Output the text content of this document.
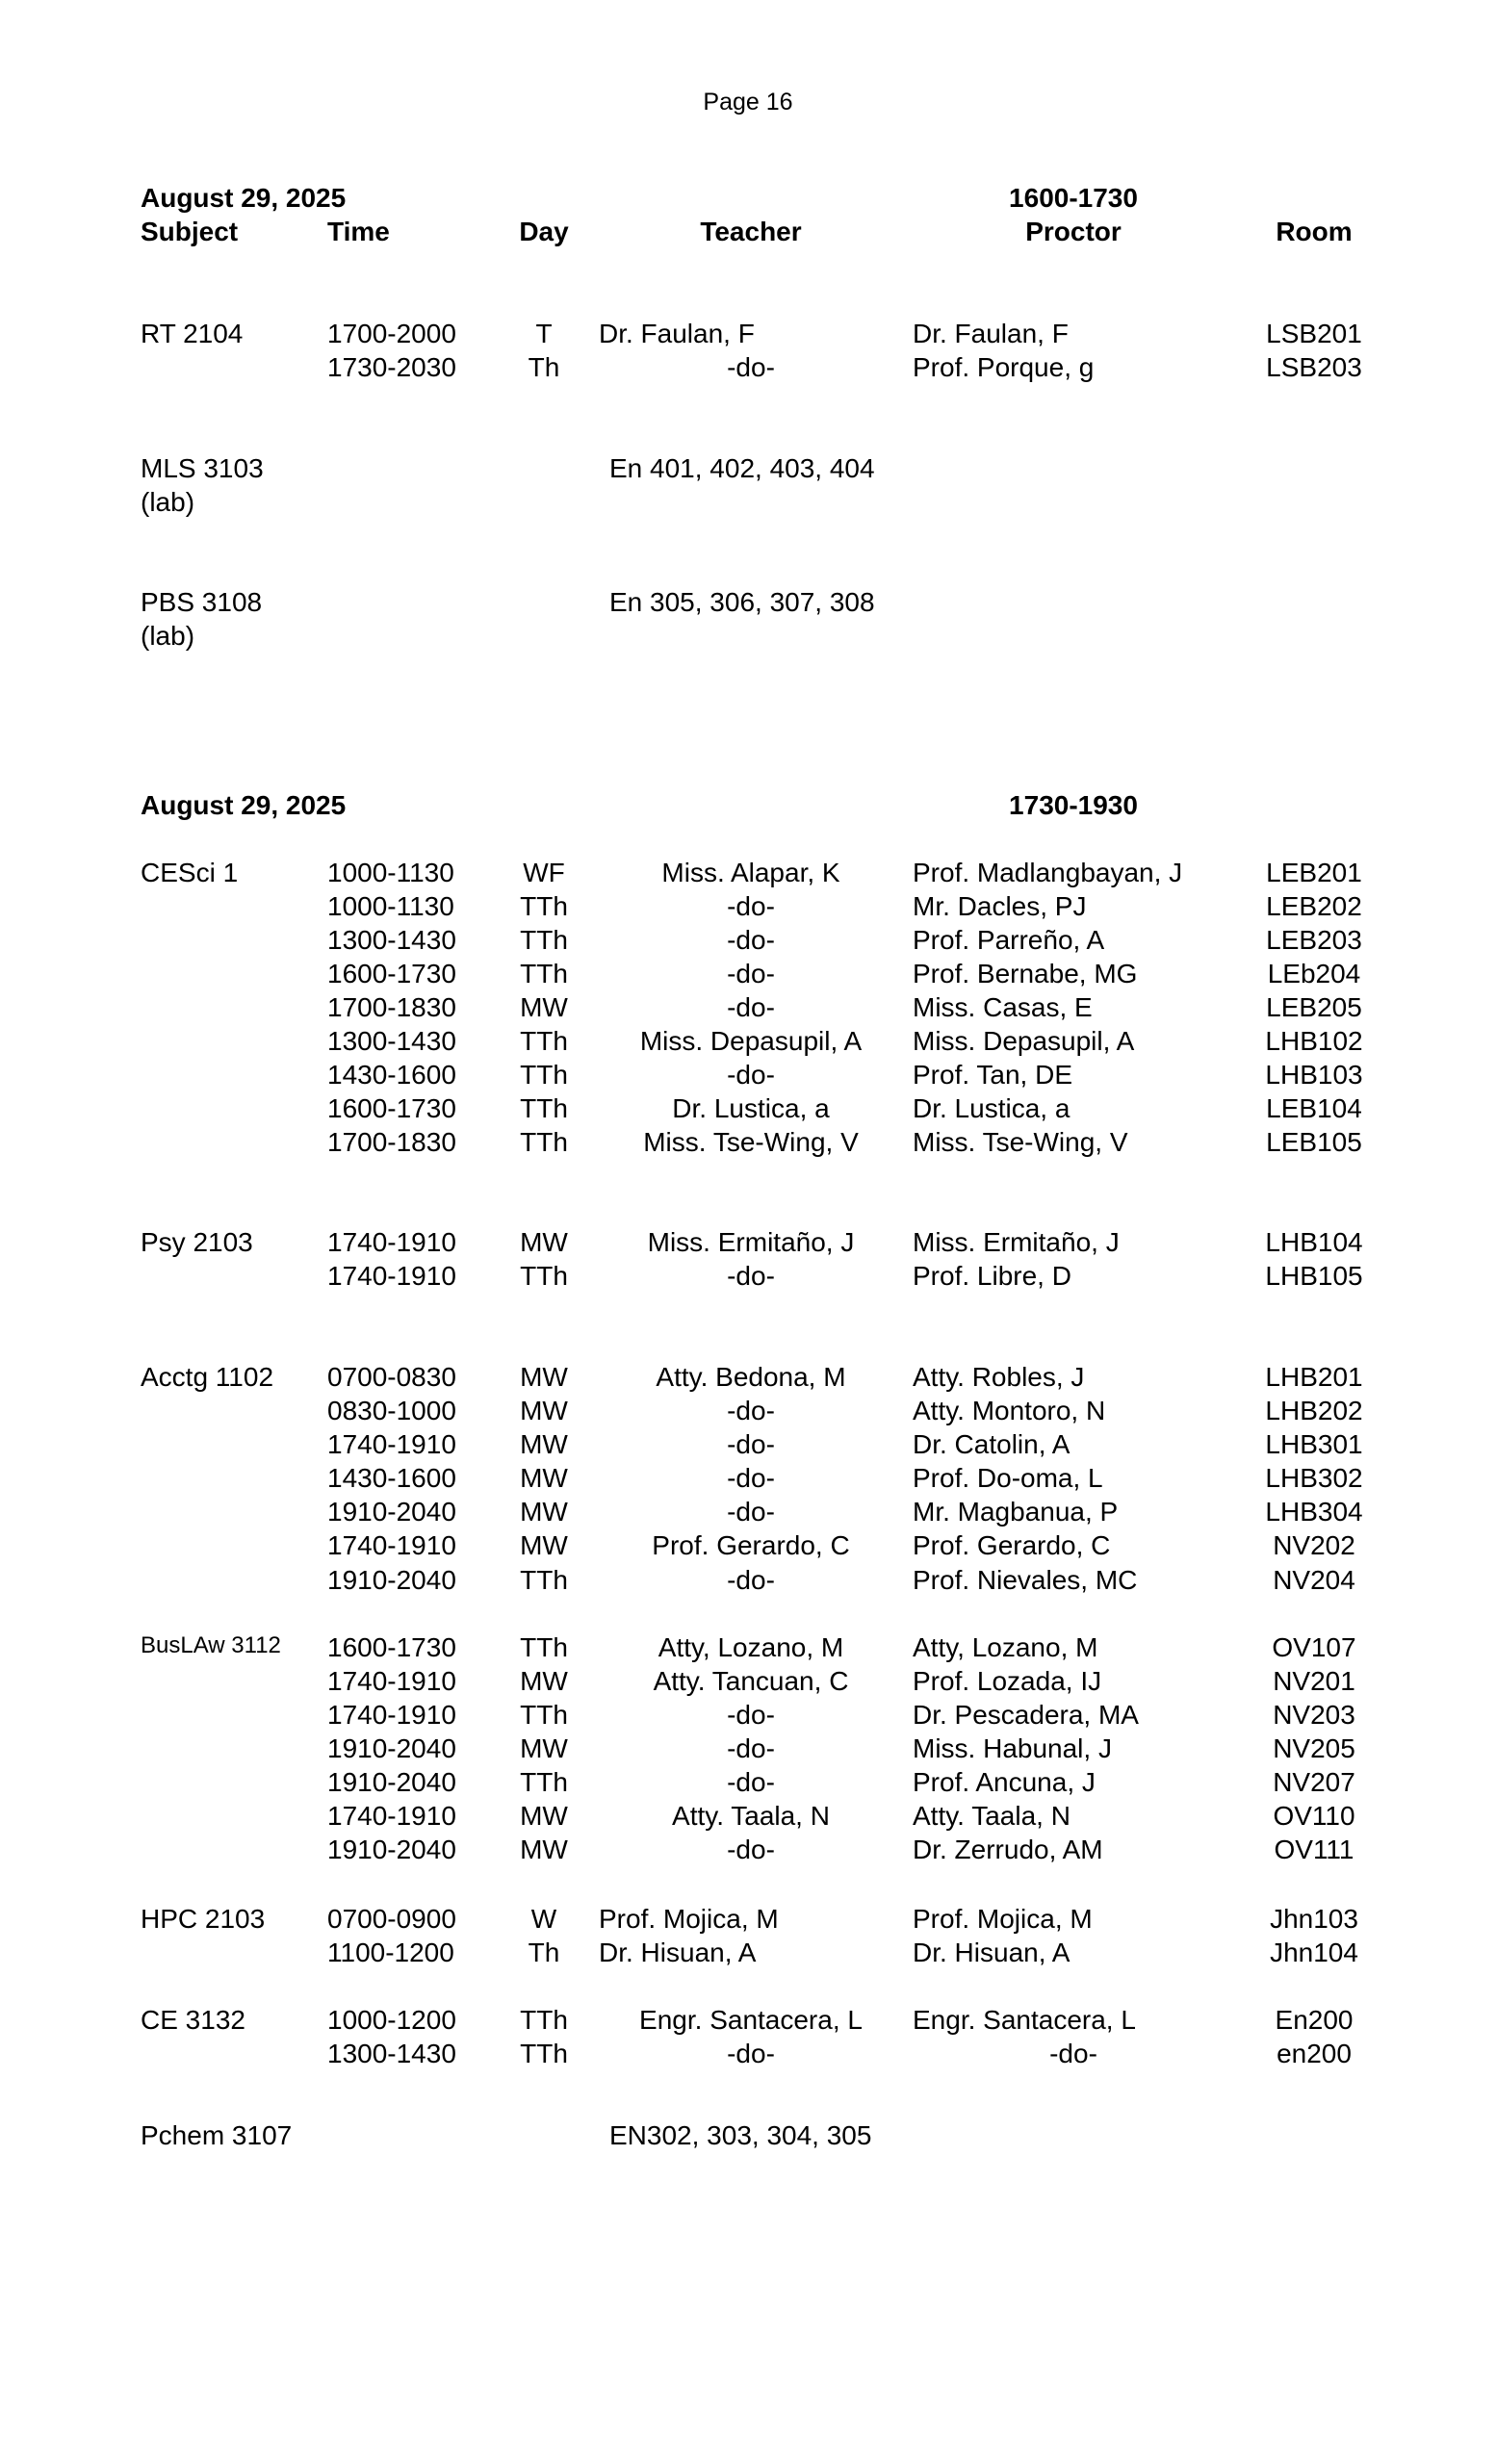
Page 16
August 29, 2025	1600-1730
Subject	Time	Day	Teacher	Proctor	Room
RT 2104	1700-2000	T	Dr. Faulan, F	Dr. Faulan, F	LSB201
1730-2030	Th	-do-	Prof. Porque, g	LSB203
MLS 3103	En 401, 402, 403, 404
(lab)
PBS 3108	En 305, 306, 307, 308
(lab)
August 29, 2025	1730-1930
CESci 1	1000-1130	WF	Miss. Alapar, K	Prof. Madlangbayan, J	LEB201
1000-1130	TTh	-do-	Mr. Dacles, PJ	LEB202
1300-1430	TTh	-do-	Prof. Parreño, A	LEB203
1600-1730	TTh	-do-	Prof. Bernabe, MG	LEb204
1700-1830	MW	-do-	Miss. Casas, E	LEB205
1300-1430	TTh	Miss. Depasupil, A	Miss. Depasupil, A	LHB102
1430-1600	TTh	-do-	Prof. Tan, DE	LHB103
1600-1730	TTh	Dr. Lustica, a	Dr. Lustica, a	LEB104
1700-1830	TTh	Miss. Tse-Wing, V	Miss. Tse-Wing, V	LEB105
Psy 2103	1740-1910	MW	Miss. Ermitaño, J	Miss. Ermitaño, J	LHB104
1740-1910	TTh	-do-	Prof. Libre, D	LHB105
Acctg 1102 0700-0830	MW	Atty. Bedona, M	Atty. Robles, J	LHB201
0830-1000	MW	-do-	Atty. Montoro, N	LHB202
1740-1910	MW	-do-	Dr. Catolin, A	LHB301
1430-1600	MW	-do-	Prof. Do-oma, L	LHB302
1910-2040	MW	-do-	Mr. Magbanua, P	LHB304
1740-1910	MW	Prof. Gerardo, C	Prof. Gerardo, C	NV202
1910-2040	TTh	-do-	Prof. Nievales, MC	NV204
BusLAw 3112 1600-1730	TTh	Atty, Lozano, M	Atty, Lozano, M	OV107
1740-1910	MW	Atty. Tancuan, C	Prof. Lozada, IJ	NV201
1740-1910	TTh	-do-	Dr. Pescadera, MA	NV203
1910-2040	MW	-do-	Miss. Habunal, J	NV205
1910-2040	TTh	-do-	Prof. Ancuna, J	NV207
1740-1910	MW	Atty. Taala, N	Atty. Taala, N	OV110
1910-2040	MW	-do-	Dr. Zerrudo, AM	OV111
HPC 2103 0700-0900	W	Prof. Mojica, M	Prof. Mojica, M	Jhn103
1100-1200	Th	Dr. Hisuan, A	Dr. Hisuan, A	Jhn104
CE 3132	1000-1200	TTh	Engr. Santacera, L	Engr. Santacera, L	En200
1300-1430	TTh	-do-	-do-	en200
Pchem 3107	EN302, 303, 304, 305
